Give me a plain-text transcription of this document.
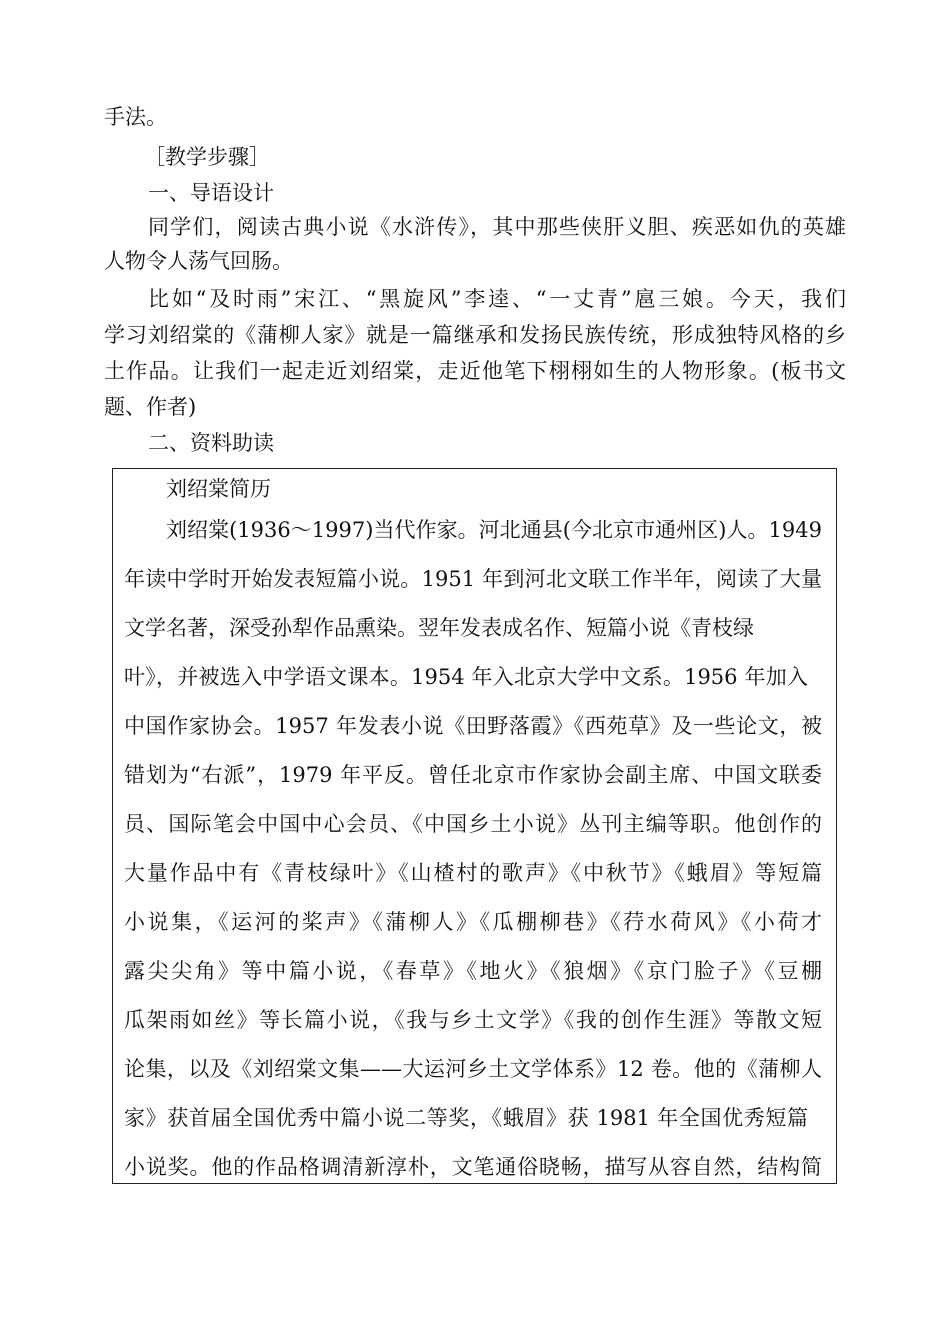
手法。
［教学步骤］
一、导语设计
同学们，阅读古典小说《水浒传》，其中那些侠肝义胆、疾恶如仇的英雄
人物令人荡气回肠。
比如“及时雨”宋江、“黑旋风”李逵、“一丈青”扈三娘。今天，我们
学习刘绍棠的《蒲柳人家》就是一篇继承和发扬民族传统，形成独特风格的乡
土作品。让我们一起走近刘绍棠，走近他笔下栩栩如生的人物形象。(板书文
题、作者)
二、资料助读
刘绍棠简历
刘绍棠(1936～1997)当代作家。河北通县(今北京市通州区)人。1949
年读中学时开始发表短篇小说。1951 年到河北文联工作半年，阅读了大量
文学名著，深受孙犁作品熏染。翌年发表成名作、短篇小说《青枝绿
叶》，并被选入中学语文课本。1954 年入北京大学中文系。1956 年加入
中国作家协会。1957 年发表小说《田野落霞》《西苑草》及一些论文，被
错划为“右派”，1979 年平反。曾任北京市作家协会副主席、中国文联委
员、国际笔会中国中心会员、《中国乡土小说》丛刊主编等职。他创作的
大量作品中有《青枝绿叶》《山楂村的歌声》《中秋节》《蛾眉》等短篇
小说集，《运河的桨声》《蒲柳人》《瓜棚柳巷》《荇水荷风》《小荷才
露尖尖角》等中篇小说，《春草》《地火》《狼烟》《京门脸子》《豆棚
瓜架雨如丝》等长篇小说，《我与乡土文学》《我的创作生涯》等散文短
论集，以及《刘绍棠文集——大运河乡土文学体系》12 卷。他的《蒲柳人
家》获首届全国优秀中篇小说二等奖，《蛾眉》获 1981 年全国优秀短篇
小说奖。他的作品格调清新淳朴，文笔通俗晓畅，描写从容自然，结构简
